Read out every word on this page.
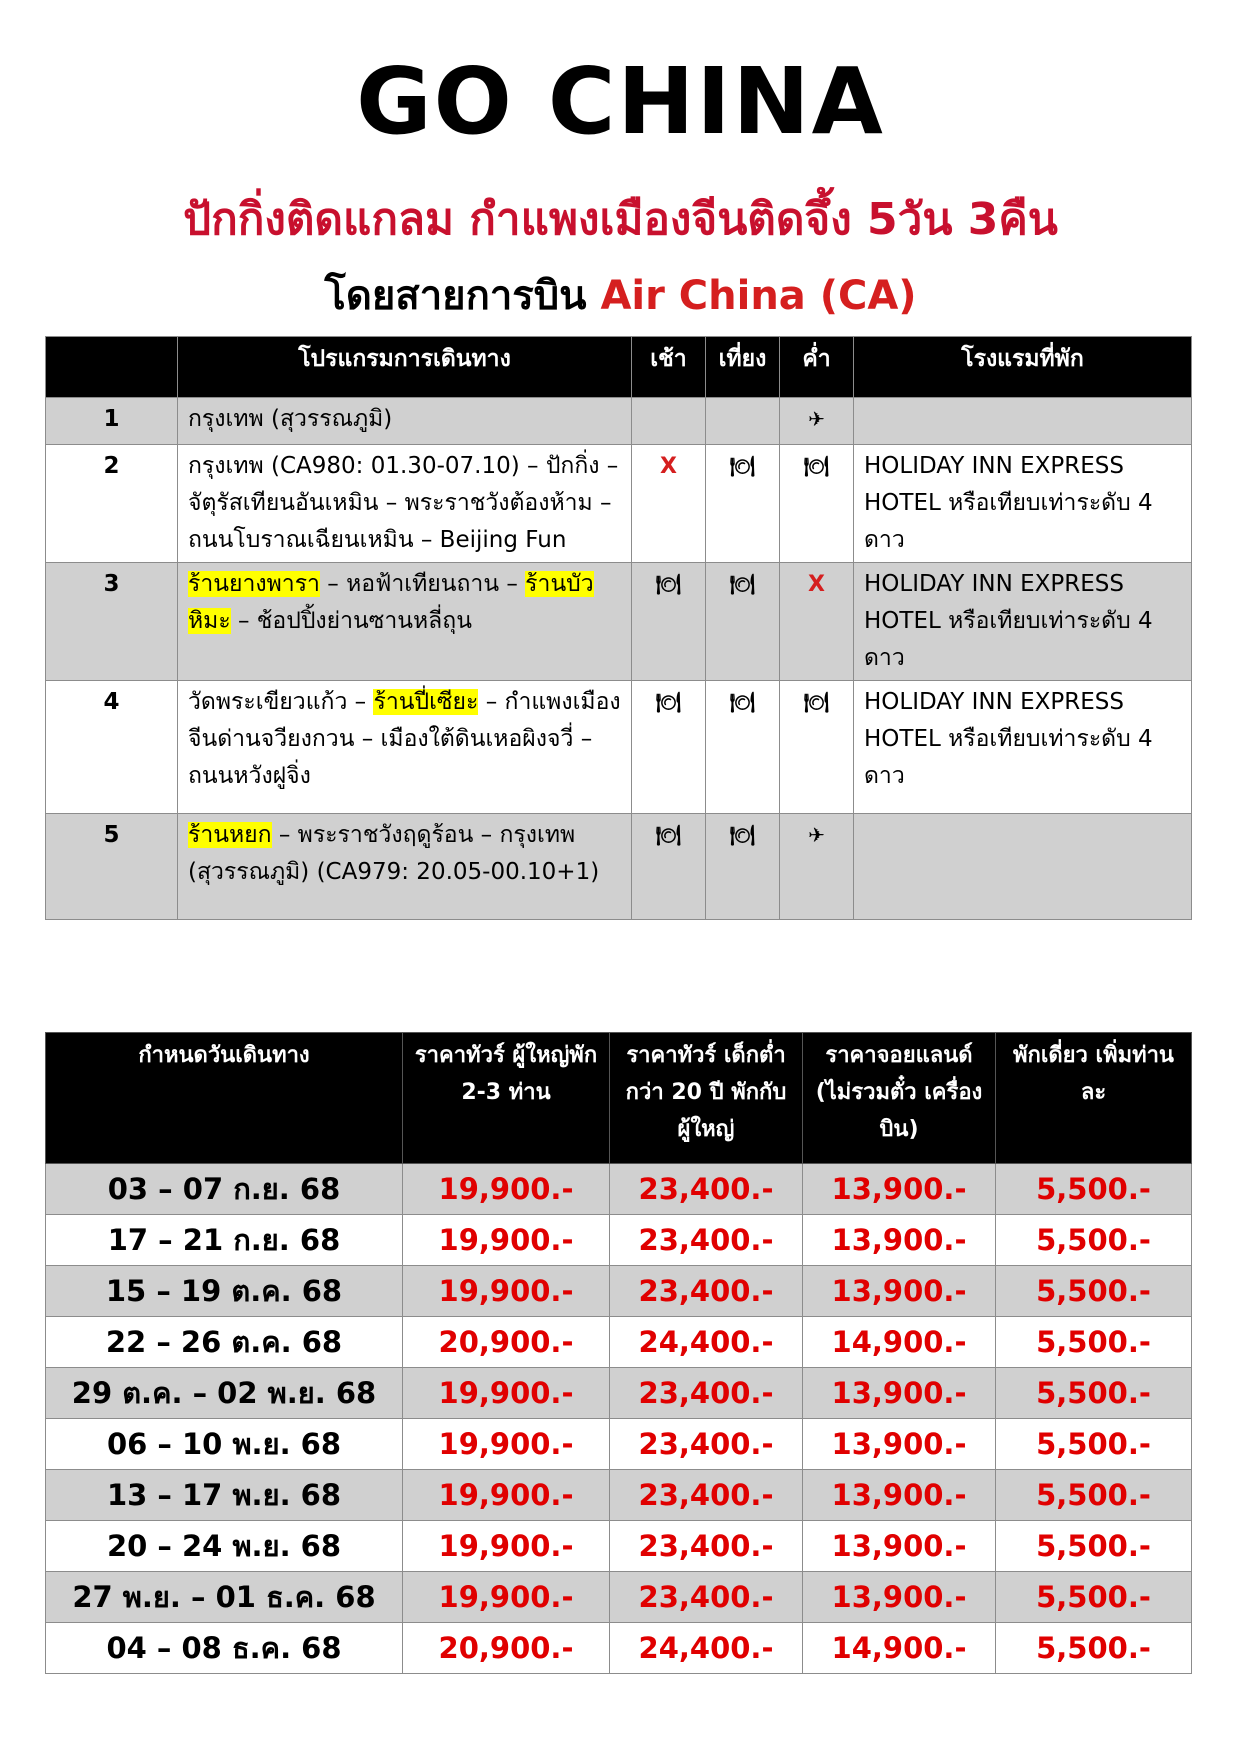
GO CHINA
ปักกิ่งติดแกลม กำแพงเมืองจีนติดจึ้ง 5วัน 3คืน
โดยสายการบิน Air China (CA)
	โปรแกรมการเดินทาง	เช้า	เที่ยง	ค่ำ	โรงแรมที่พัก
1	กรุงเทพ (สุวรรณภูมิ)			✈	
2	กรุงเทพ (CA980: 01.30-07.10) – ปักกิ่ง – จัตุรัสเทียนอันเหมิน – พระราชวังต้องห้าม – ถนนโบราณเฉียนเหมิน – Beijing Fun	X	🍽	🍽	HOLIDAY INN EXPRESS HOTEL หรือเทียบเท่าระดับ 4 ดาว
3	ร้านยางพารา – หอฟ้าเทียนถาน – ร้านบัวหิมะ – ช้อปปิ้งย่านซานหลี่ถุน	🍽	🍽	X	HOLIDAY INN EXPRESS HOTEL หรือเทียบเท่าระดับ 4 ดาว
4	วัดพระเขียวแก้ว – ร้านปี่เซียะ – กำแพงเมืองจีนด่านจวียงกวน – เมืองใต้ดินเหอผิงจวี่ – ถนนหวังฝูจิ่ง	🍽	🍽	🍽	HOLIDAY INN EXPRESS HOTEL หรือเทียบเท่าระดับ 4 ดาว
5	ร้านหยก – พระราชวังฤดูร้อน – กรุงเทพ (สุวรรณภูมิ) (CA979: 20.05-00.10+1)	🍽	🍽	✈	
กำหนดวันเดินทาง	ราคาทัวร์ ผู้ใหญ่พัก 2-3 ท่าน	ราคาทัวร์ เด็กต่ำกว่า 20 ปี พักกับผู้ใหญ่	ราคาจอยแลนด์ (ไม่รวมตั๋ว เครื่องบิน)	พักเดี่ยว เพิ่มท่านละ
03 – 07 ก.ย. 68	19,900.-	23,400.-	13,900.-	5,500.-
17 – 21 ก.ย. 68	19,900.-	23,400.-	13,900.-	5,500.-
15 – 19 ต.ค. 68	19,900.-	23,400.-	13,900.-	5,500.-
22 – 26 ต.ค. 68	20,900.-	24,400.-	14,900.-	5,500.-
29 ต.ค. – 02 พ.ย. 68	19,900.-	23,400.-	13,900.-	5,500.-
06 – 10 พ.ย. 68	19,900.-	23,400.-	13,900.-	5,500.-
13 – 17 พ.ย. 68	19,900.-	23,400.-	13,900.-	5,500.-
20 – 24 พ.ย. 68	19,900.-	23,400.-	13,900.-	5,500.-
27 พ.ย. – 01 ธ.ค. 68	19,900.-	23,400.-	13,900.-	5,500.-
04 – 08 ธ.ค. 68	20,900.-	24,400.-	14,900.-	5,500.-
